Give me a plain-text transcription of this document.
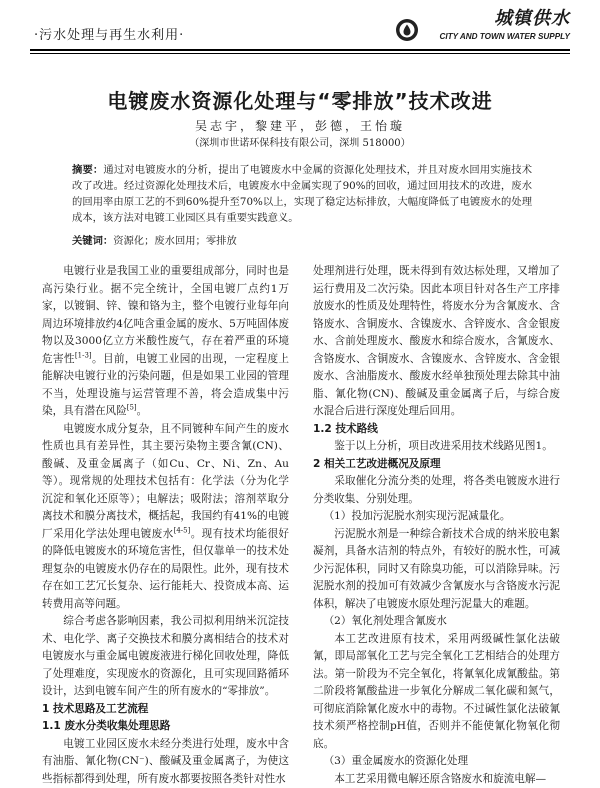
·污水处理与再生水利用·
城镇供水
CITY AND TOWN WATER SUPPLY
电镀废水资源化处理与“零排放”技术改进
吴志宇，黎建平，彭德，王怡璇
（深圳市世诺环保科技有限公司，深圳 518000）
摘要：通过对电镀废水的分析，提出了电镀废水中金属的资源化处理技术，并且对废水回用实施技术改了改进。经过资源化处理技术后，电镀废水中金属实现了90%的回收，通过回用技术的改进，废水的回用率由原工艺的不到60%提升至70%以上，实现了稳定达标排放，大幅度降低了电镀废水的处理成本，该方法对电镀工业园区具有重要实践意义。
关键词：资源化；废水回用；零排放

电镀行业是我国工业的重要组成部分，同时也是高污染行业。据不完全统计，全国电镀厂点约1万家，以镀铜、锌、镍和铬为主，整个电镀行业每年向周边环境排放约4亿吨含重金属的废水、5万吨固体废物以及3000亿立方米酸性废气，存在着严重的环境危害性[1-3]。目前，电镀工业园的出现，一定程度上能解决电镀行业的污染问题，但是如果工业园的管理不当，处理设施与运营管理不善，将会造成集中污染，具有潜在风险[5]。

电镀废水成分复杂，且不同镀种车间产生的废水性质也具有差异性，其主要污染物主要含氰(CN)、酸碱、及重金属离子（如Cu、Cr、Ni、Zn、Au等）。现常规的处理技术包括有：化学法（分为化学沉淀和氧化还原等）；电解法；吸附法；溶剂萃取分离技术和膜分离技术，概括起，我国约有41%的电镀厂采用化学法处理电镀废水[4-5]。现有技术均能很好的降低电镀废水的环境危害性，但仅靠单一的技术处理复杂的电镀废水仍存在的局限性。此外，现有技术存在如工艺冗长复杂、运行能耗大、投资成本高、运转费用高等问题。

综合考虑各影响因素，我公司拟利用纳米沉淀技术、电化学、离子交换技术和膜分离相结合的技术对电镀废水与重金属电镀废液进行梯化回收处理，降低了处理难度，实现废水的资源化，且可实现回路循环设计，达到电镀车间产生的所有废水的“零排放”。

1 技术思路及工艺流程

1.1 废水分类收集处理思路

电镀工业园区废水未经分类进行处理，废水中含有油脂、氰化物(CN⁻)、酸碱及重金属离子，为使这些指标都得到处理，所有废水都要按照各类针对性水

处理剂进行处理，既未得到有效达标处理，又增加了运行费用及二次污染。因此本项目针对各生产工序排放废水的性质及处理特性，将废水分为含氰废水、含铬废水、含铜废水、含镍废水、含锌废水、含金银废水、含前处理废水、酸废水和综合废水，含氰废水、含铬废水、含铜废水、含镍废水、含锌废水、含金银废水、含油脂废水、酸废水经单独预处理去除其中油脂、氰化物(CN)、酸碱及重金属离子后，与综合废水混合后进行深度处理后回用。

1.2 技术路线

鉴于以上分析，项目改进采用技术线路见图1。

2 相关工艺改进概况及原理

采取催化分流分类的处理，将各类电镀废水进行分类收集、分别处理。

（1）投加污泥脱水剂实现污泥减量化。

污泥脱水剂是一种综合新技术合成的纳米胶电絮凝剂，具备水洁剂的特点外，有较好的脱水性，可减少污泥体积，同时又有除臭功能，可以消除异味。污泥脱水剂的投加可有效减少含氰废水与含铬废水污泥体积，解决了电镀废水原处理污泥量大的难题。

（2）氧化剂处理含氰废水

本工艺改进原有技术，采用两级碱性氯化法破氰，即局部氧化工艺与完全氧化工艺相结合的处理方法。第一阶段为不完全氧化，将氰氧化成氰酸盐。第二阶段将氰酸盐进一步氧化分解成二氧化碳和氮气，可彻底消除氰化废水中的毒物。不过碱性氯化法破氰技术须严格控制pH值，否则并不能使氰化物氧化彻底。

（3）重金属废水的资源化处理

本工艺采用微电解还原含铬废水和旋流电解—
